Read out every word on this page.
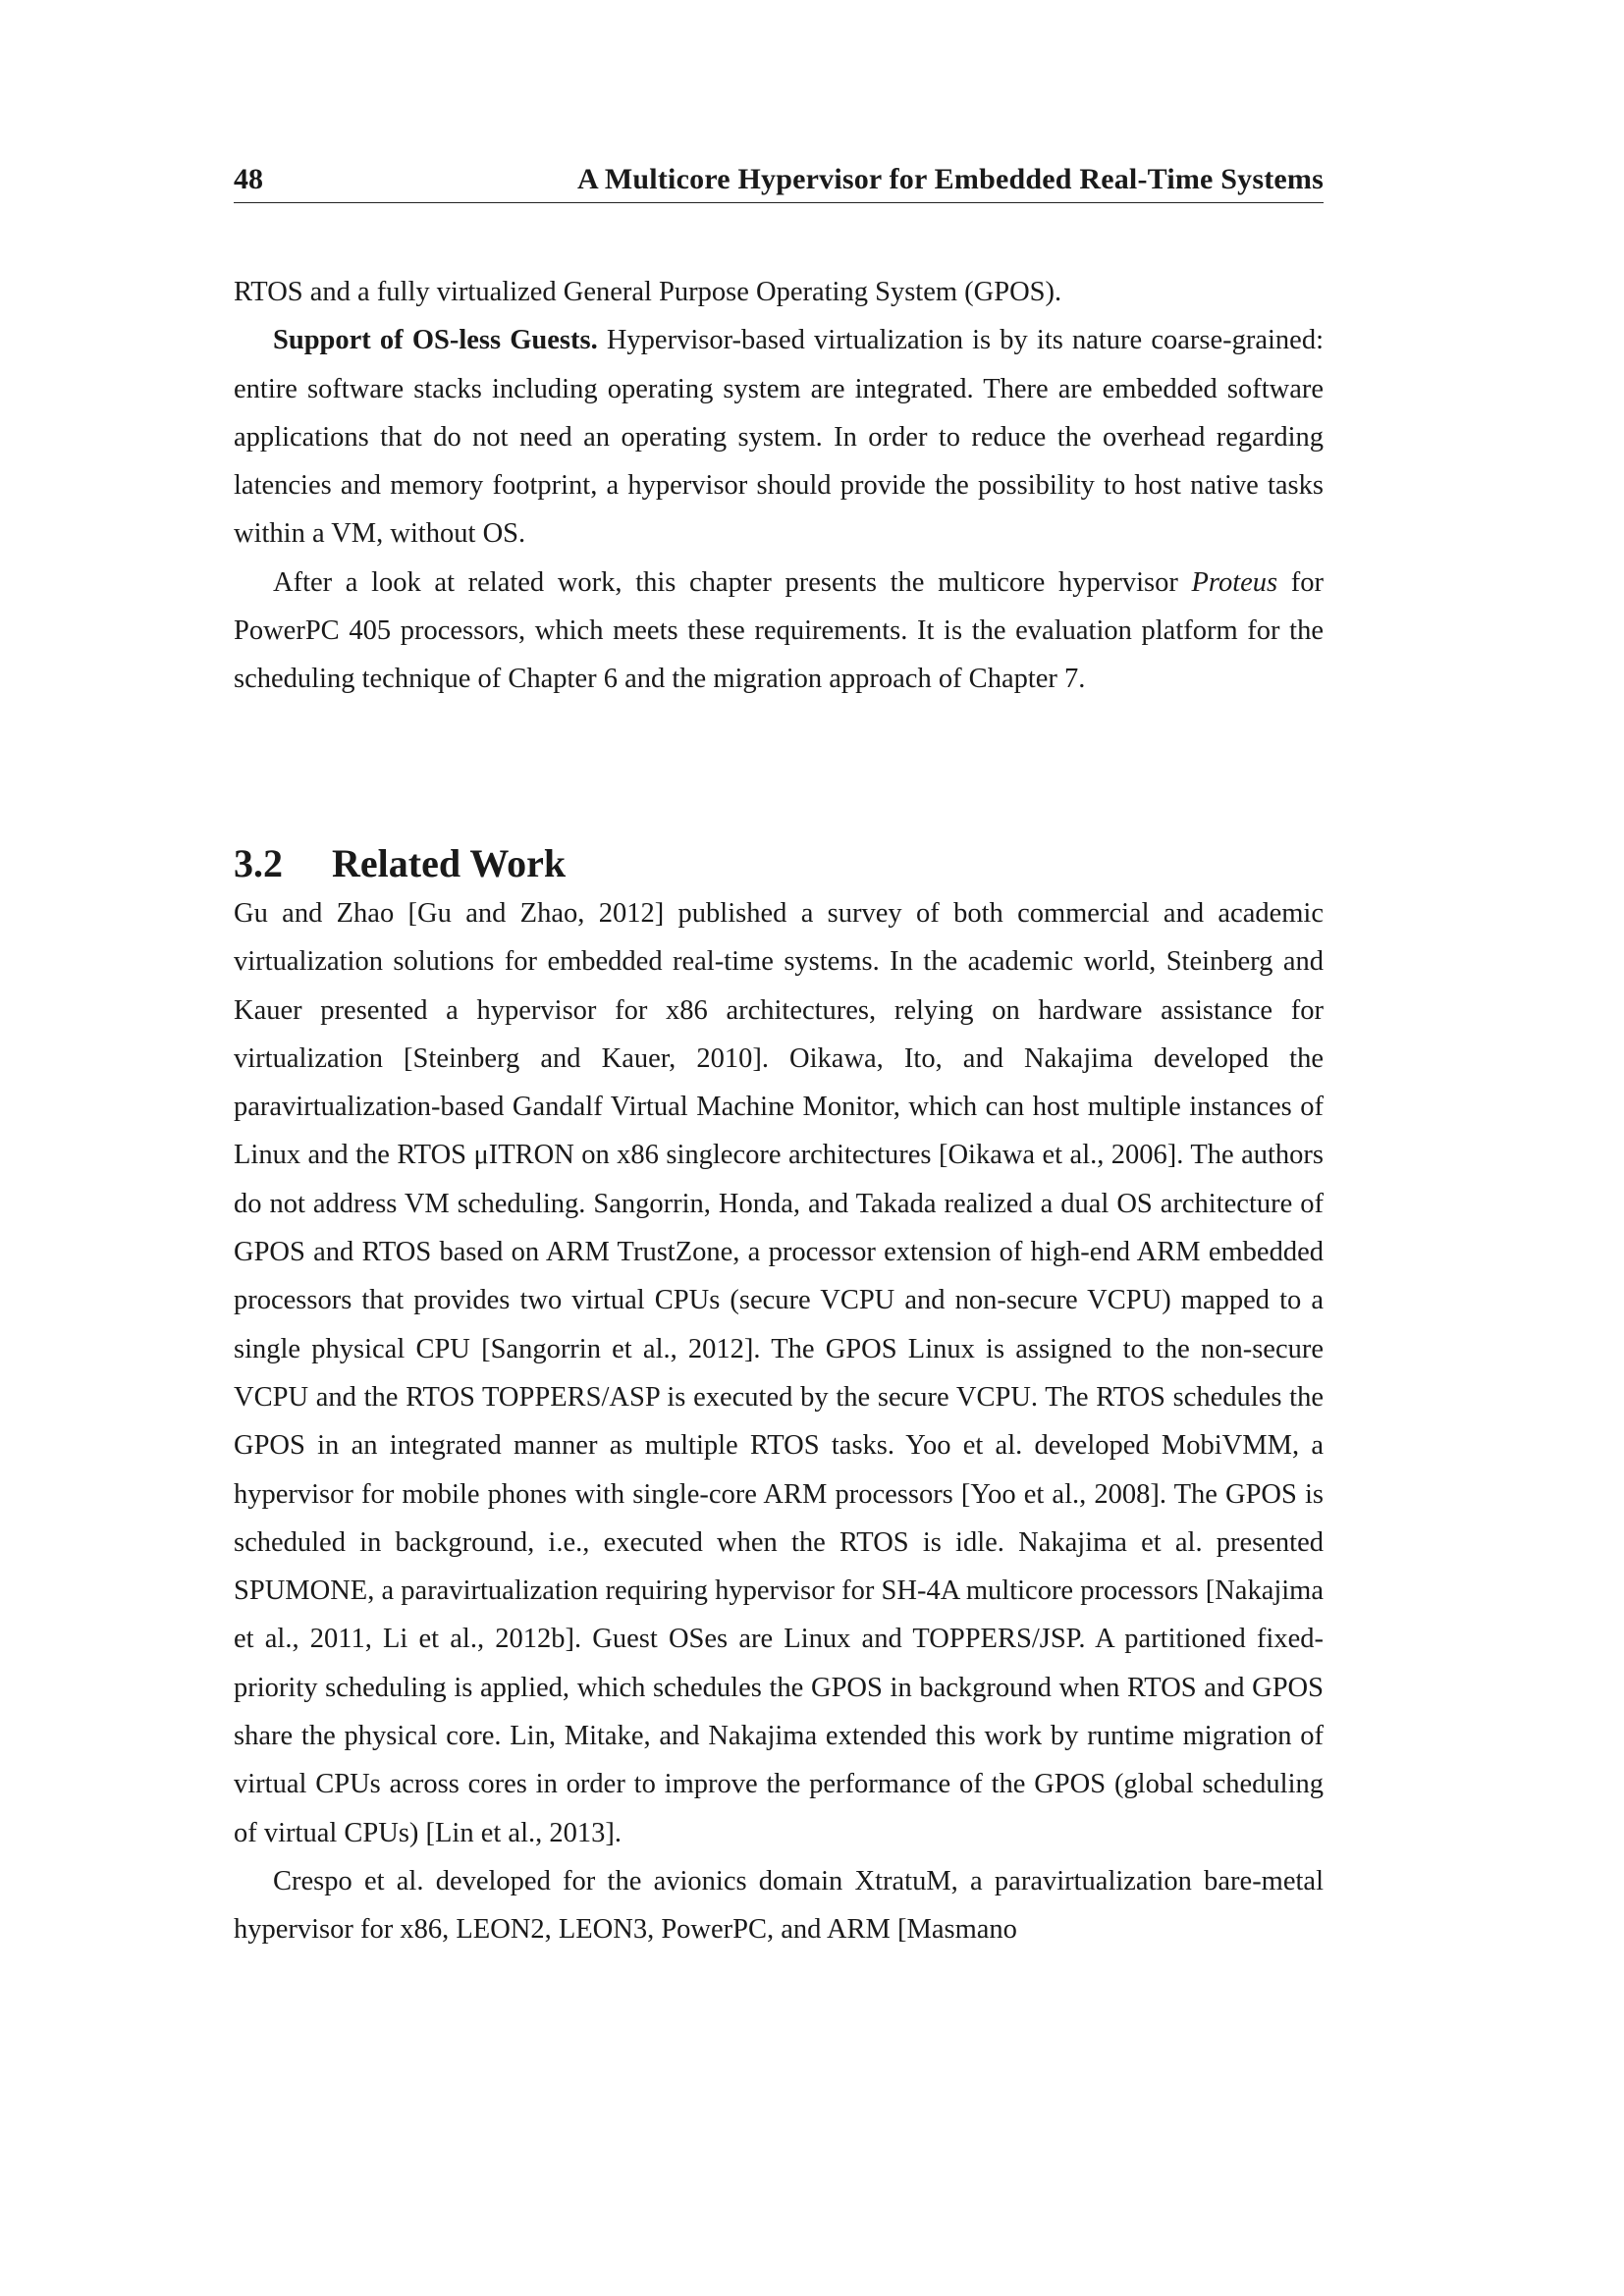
48	A Multicore Hypervisor for Embedded Real-Time Systems

RTOS and a fully virtualized General Purpose Operating System (GPOS).

Support of OS-less Guests. Hypervisor-based virtualization is by its nature coarse-grained: entire software stacks including operating system are integrated. There are embedded software applications that do not need an operating system. In order to reduce the overhead regarding latencies and memory footprint, a hypervisor should provide the possibility to host native tasks within a VM, without OS.

After a look at related work, this chapter presents the multicore hypervisor Proteus for PowerPC 405 processors, which meets these requirements. It is the evaluation platform for the scheduling technique of Chapter 6 and the migration approach of Chapter 7.

3.2 Related Work

Gu and Zhao [Gu and Zhao, 2012] published a survey of both commercial and academic virtualization solutions for embedded real-time systems. In the academic world, Steinberg and Kauer presented a hypervisor for x86 architectures, relying on hardware assistance for virtualization [Steinberg and Kauer, 2010]. Oikawa, Ito, and Nakajima developed the paravirtualization-based Gandalf Virtual Machine Monitor, which can host multiple instances of Linux and the RTOS μITRON on x86 singlecore architectures [Oikawa et al., 2006]. The authors do not address VM scheduling. Sangorrin, Honda, and Takada realized a dual OS architecture of GPOS and RTOS based on ARM TrustZone, a processor extension of high-end ARM embedded processors that provides two virtual CPUs (secure VCPU and non-secure VCPU) mapped to a single physical CPU [Sangorrin et al., 2012]. The GPOS Linux is assigned to the non-secure VCPU and the RTOS TOPPERS/ASP is executed by the secure VCPU. The RTOS schedules the GPOS in an integrated manner as multiple RTOS tasks. Yoo et al. developed MobiVMM, a hypervisor for mobile phones with single-core ARM processors [Yoo et al., 2008]. The GPOS is scheduled in background, i.e., executed when the RTOS is idle. Nakajima et al. presented SPUMONE, a paravirtualization requiring hypervisor for SH-4A multicore processors [Nakajima et al., 2011, Li et al., 2012b]. Guest OSes are Linux and TOPPERS/JSP. A partitioned fixed-priority scheduling is applied, which schedules the GPOS in background when RTOS and GPOS share the physical core. Lin, Mitake, and Nakajima extended this work by runtime migration of virtual CPUs across cores in order to improve the performance of the GPOS (global scheduling of virtual CPUs) [Lin et al., 2013].

Crespo et al. developed for the avionics domain XtratuM, a paravirtualization bare-metal hypervisor for x86, LEON2, LEON3, PowerPC, and ARM [Masmano
